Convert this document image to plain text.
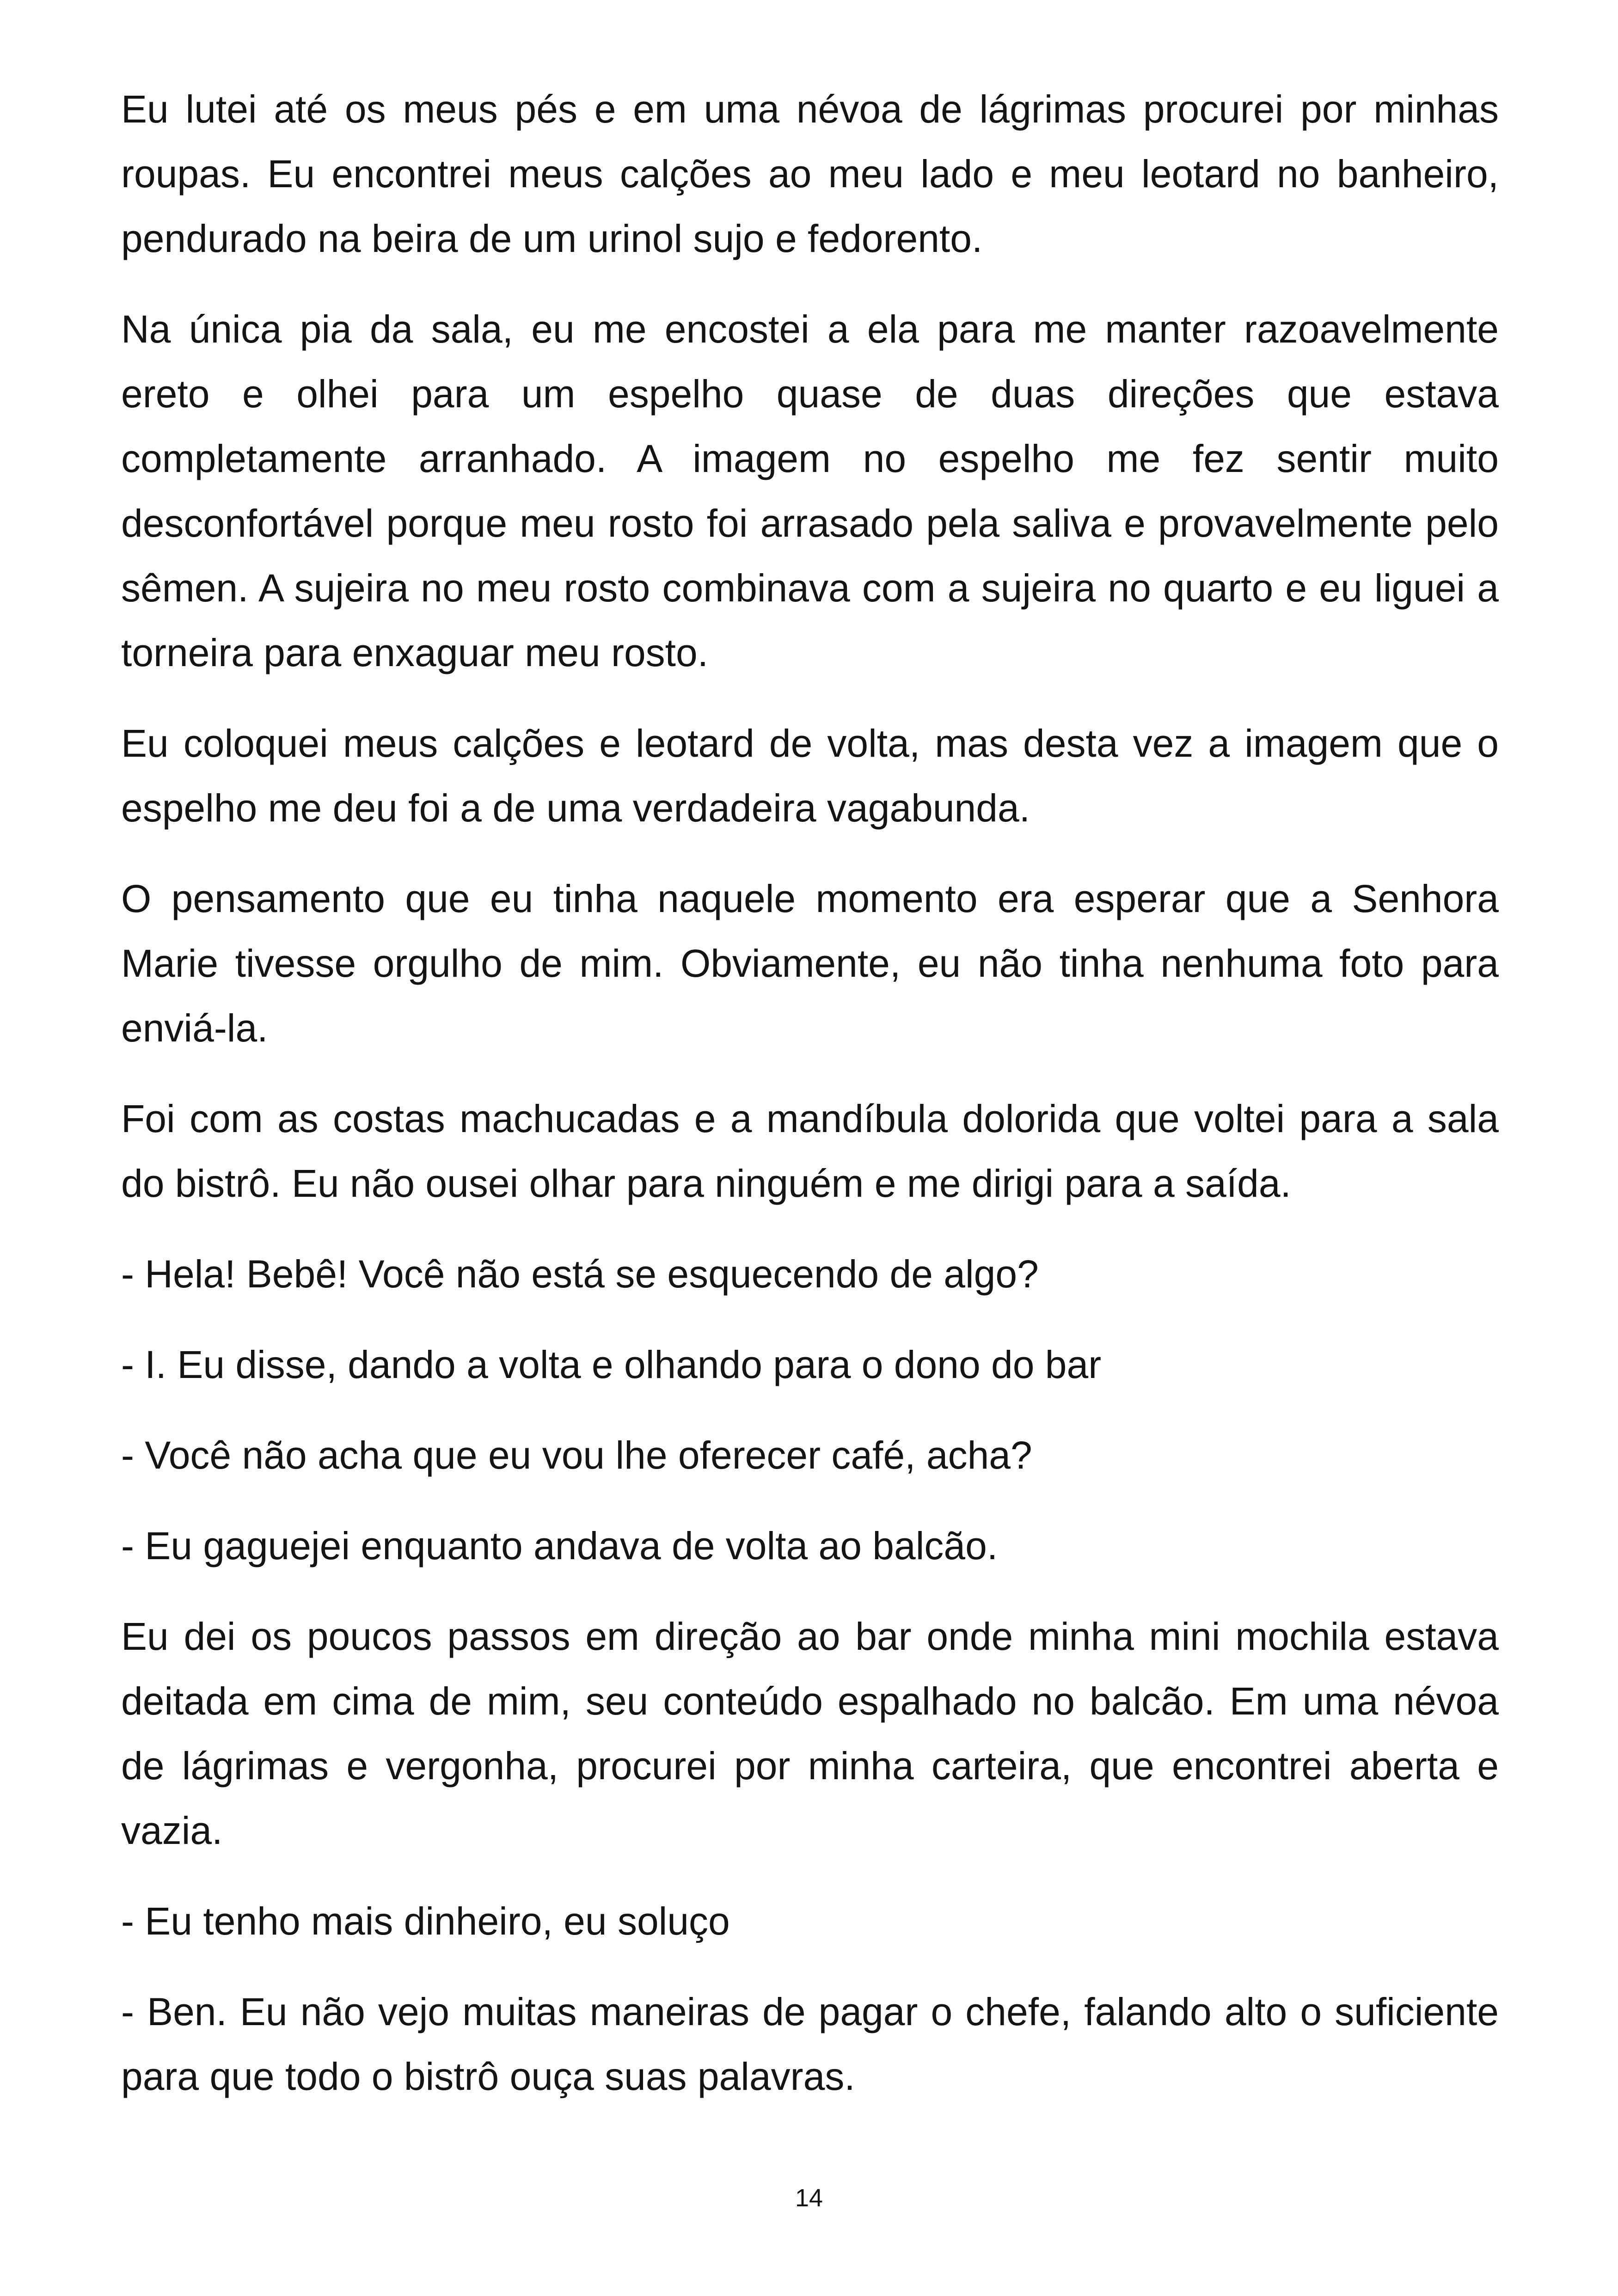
Eu lutei até os meus pés e em uma névoa de lágrimas procurei por minhas roupas. Eu encontrei meus calções ao meu lado e meu leotard no banheiro, pendurado na beira de um urinol sujo e fedorento.

Na única pia da sala, eu me encostei a ela para me manter razoavelmente ereto e olhei para um espelho quase de duas direções que estava completamente arranhado. A imagem no espelho me fez sentir muito desconfortável porque meu rosto foi arrasado pela saliva e provavelmente pelo sêmen. A sujeira no meu rosto combinava com a sujeira no quarto e eu liguei a torneira para enxaguar meu rosto.

Eu coloquei meus calções e leotard de volta, mas desta vez a imagem que o espelho me deu foi a de uma verdadeira vagabunda.

O pensamento que eu tinha naquele momento era esperar que a Senhora Marie tivesse orgulho de mim. Obviamente, eu não tinha nenhuma foto para enviá-la.

Foi com as costas machucadas e a mandíbula dolorida que voltei para a sala do bistrô. Eu não ousei olhar para ninguém e me dirigi para a saída.

- Hela! Bebê! Você não está se esquecendo de algo?

- I. Eu disse, dando a volta e olhando para o dono do bar

- Você não acha que eu vou lhe oferecer café, acha?

- Eu gaguejei enquanto andava de volta ao balcão.

Eu dei os poucos passos em direção ao bar onde minha mini mochila estava deitada em cima de mim, seu conteúdo espalhado no balcão. Em uma névoa de lágrimas e vergonha, procurei por minha carteira, que encontrei aberta e vazia.

- Eu tenho mais dinheiro, eu soluço

- Ben. Eu não vejo muitas maneiras de pagar o chefe, falando alto o suficiente para que todo o bistrô ouça suas palavras.

14
